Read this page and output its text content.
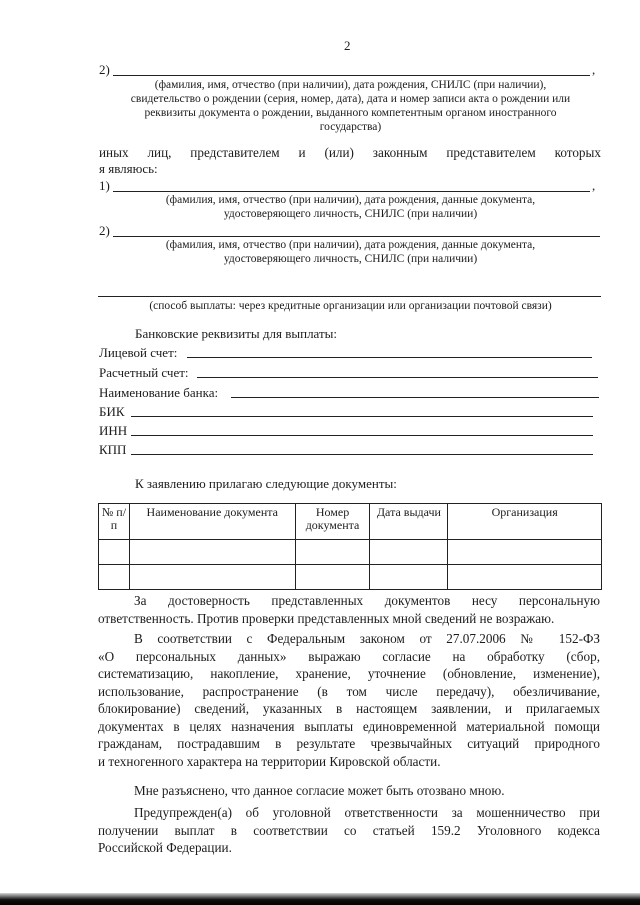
2
2)	,
(фамилия, имя, отчество (при наличии), дата рождения, СНИЛС (при наличии),
свидетельство о рождении (серия, номер, дата), дата и номер записи акта о рождении или
реквизиты документа о рождении, выданного компетентным органом иностранного
государства)
иных лиц, представителем и (или) законным представителем которых
я являюсь:
1)	,
(фамилия, имя, отчество (при наличии), дата рождения, данные документа,
удостоверяющего личность, СНИЛС (при наличии)
2)
(фамилия, имя, отчество (при наличии), дата рождения, данные документа,
удостоверяющего личность, СНИЛС (при наличии)
(способ выплаты: через кредитные организации или организации почтовой связи)
Банковские реквизиты для выплаты:
Лицевой счет:
Расчетный счет:
Наименование банка:
БИК
ИНН
КПП
К заявлению прилагаю следующие документы:
№ п/п	Наименование документа	Номер документа	Дата выдачи	Организация

За достоверность представленных документов несу персональную

ответственность. Против проверки представленных мной сведений не возражаю.

В соответствии с Федеральным законом от 27.07.2006 № 152-ФЗ

«О персональных данных» выражаю согласие на обработку (сбор,

систематизацию, накопление, хранение, уточнение (обновление, изменение),

использование, распространение (в том числе передачу), обезличивание,

блокирование) сведений, указанных в настоящем заявлении, и прилагаемых

документах в целях назначения выплаты единовременной материальной помощи

гражданам, пострадавшим в результате чрезвычайных ситуаций природного

и техногенного характера на территории Кировской области.

Мне разъяснено, что данное согласие может быть отозвано мною.

Предупрежден(а) об уголовной ответственности за мошенничество при

получении выплат в соответствии со статьей 159.2 Уголовного кодекса

Российской Федерации.
